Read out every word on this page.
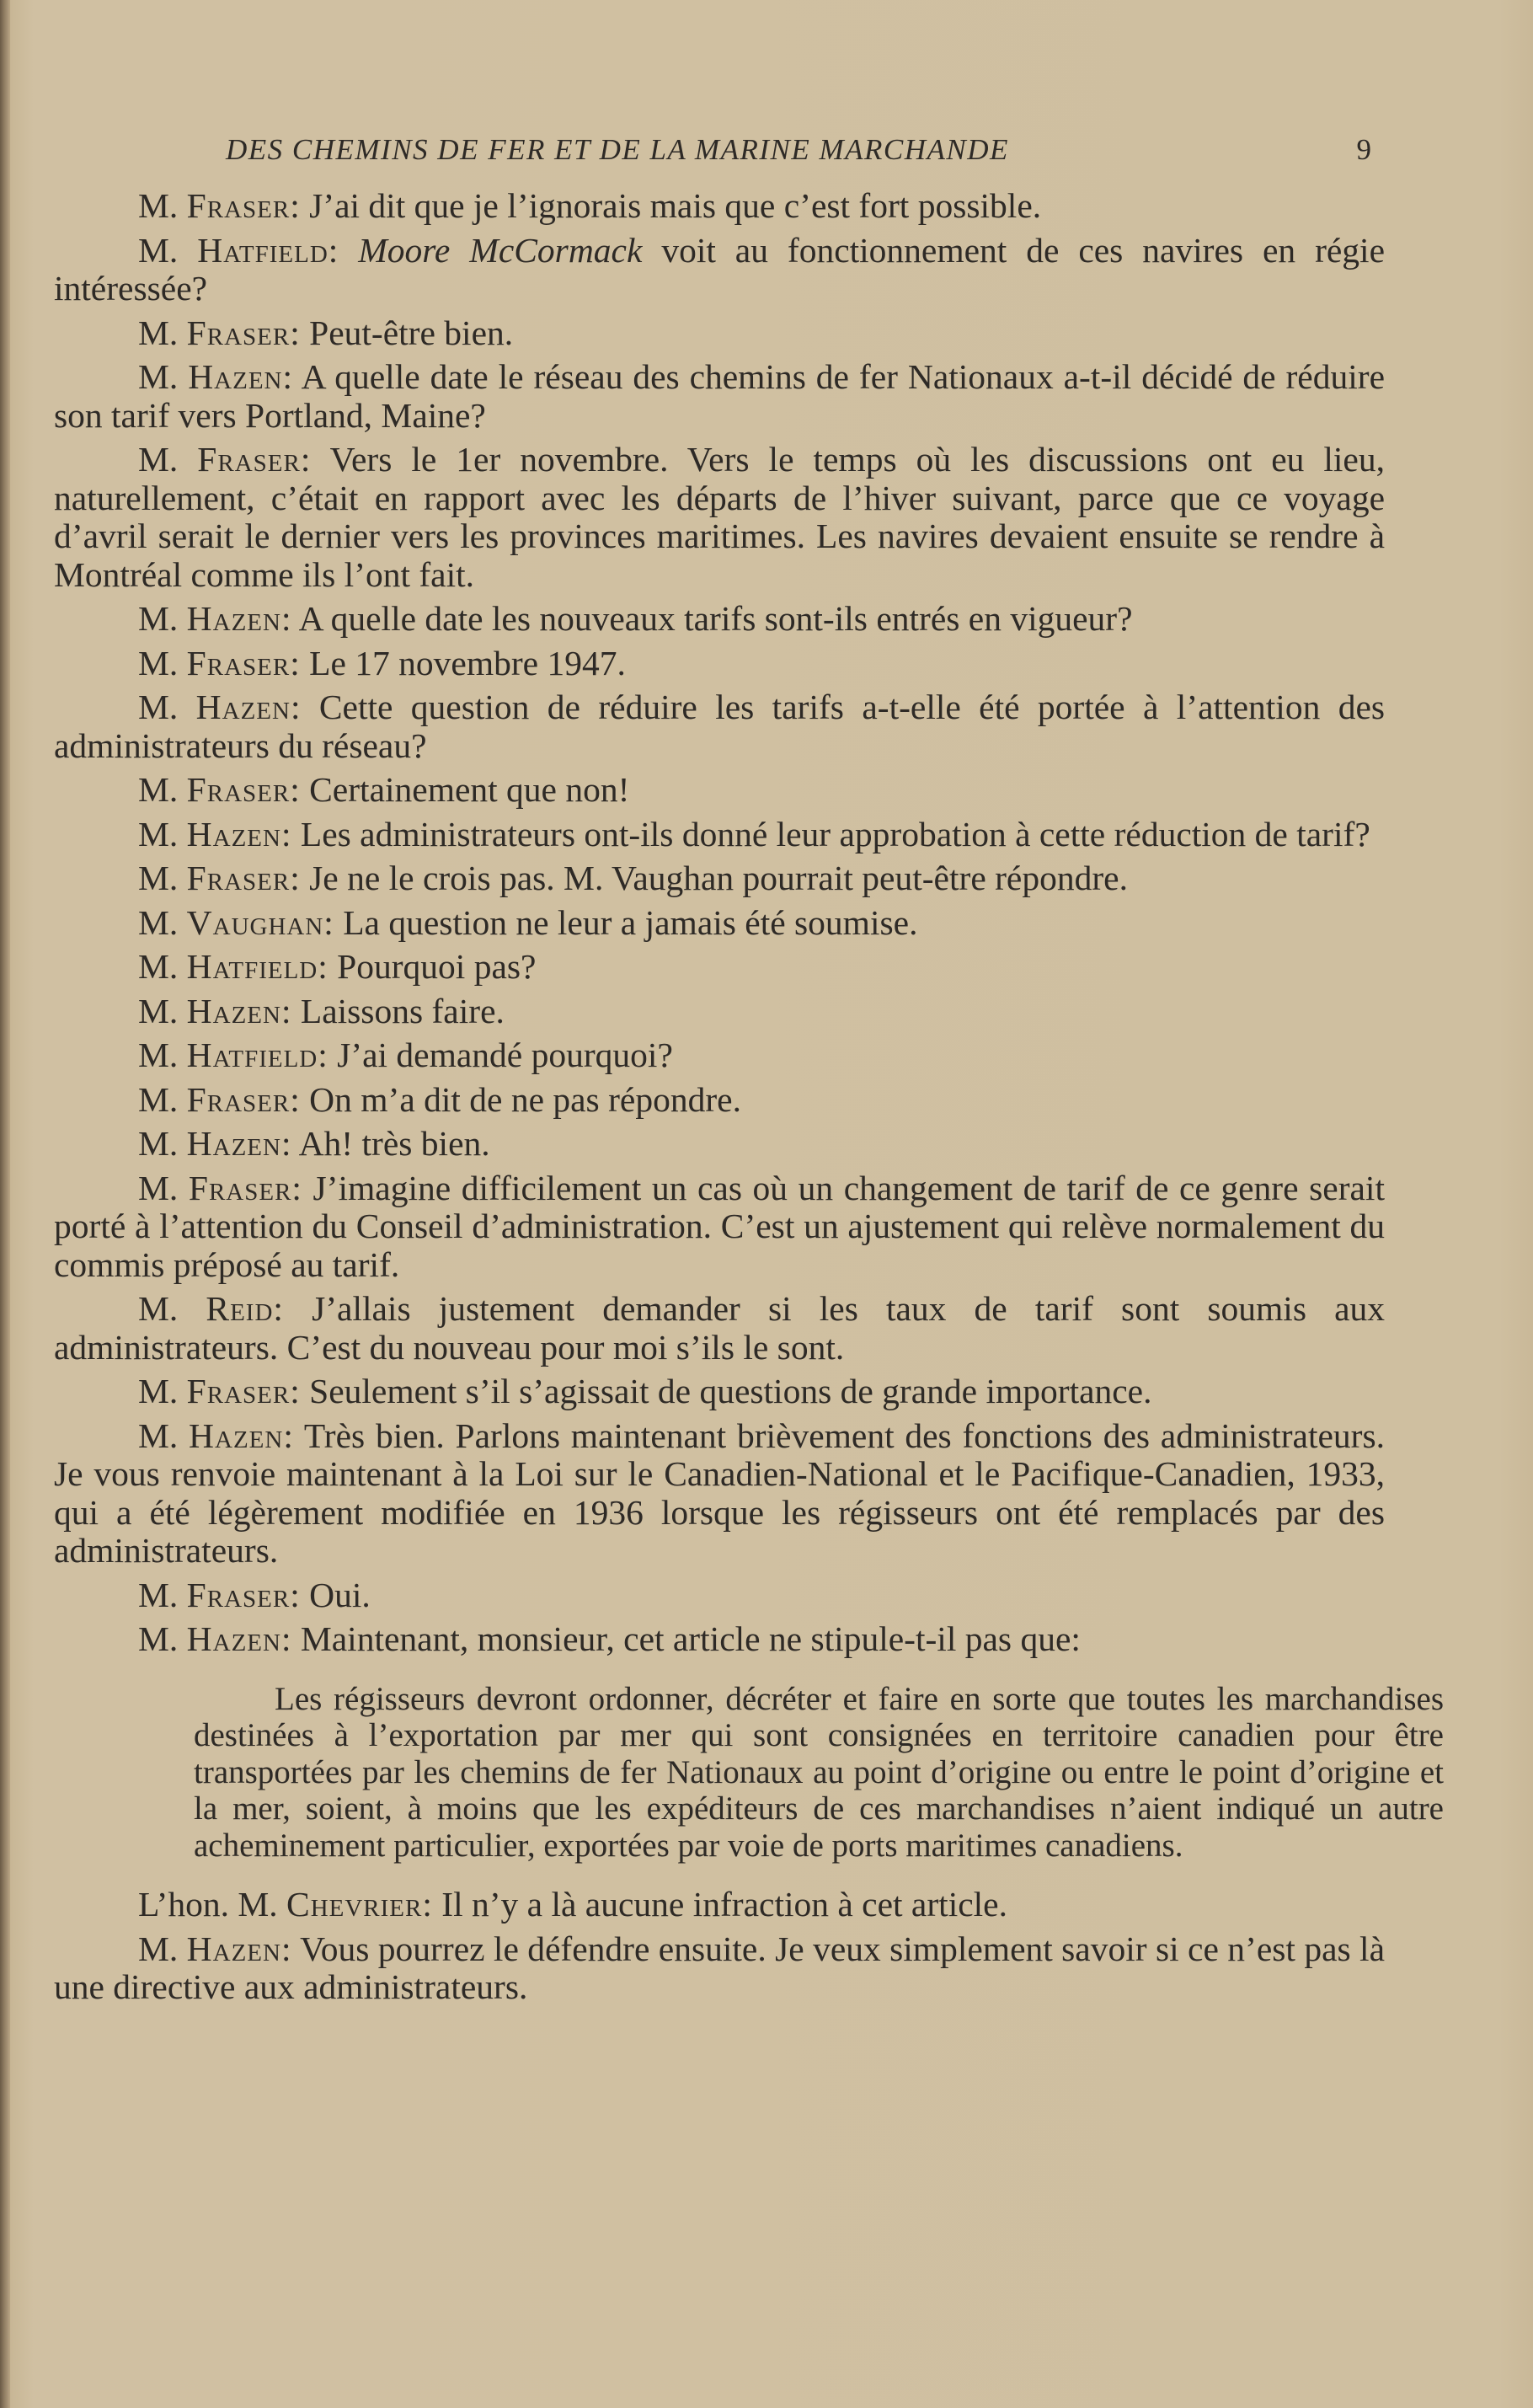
DES CHEMINS DE FER ET DE LA MARINE MARCHANDE	9

M. Fraser: J’ai dit que je l’ignorais mais que c’est fort possible.

M. Hatfield: Moore McCormack voit au fonctionnement de ces navires en régie intéressée?

M. Fraser: Peut-être bien.

M. Hazen: A quelle date le réseau des chemins de fer Nationaux a-t-il décidé de réduire son tarif vers Portland, Maine?

M. Fraser: Vers le 1er novembre. Vers le temps où les discussions ont eu lieu, naturellement, c’était en rapport avec les départs de l’hiver suivant, parce que ce voyage d’avril serait le dernier vers les provinces maritimes. Les navires devaient ensuite se rendre à Montréal comme ils l’ont fait.

M. Hazen: A quelle date les nouveaux tarifs sont-ils entrés en vigueur?

M. Fraser: Le 17 novembre 1947.

M. Hazen: Cette question de réduire les tarifs a-t-elle été portée à l’attention des administrateurs du réseau?

M. Fraser: Certainement que non!

M. Hazen: Les administrateurs ont-ils donné leur approbation à cette réduction de tarif?

M. Fraser: Je ne le crois pas. M. Vaughan pourrait peut-être répondre.

M. Vaughan: La question ne leur a jamais été soumise.

M. Hatfield: Pourquoi pas?

M. Hazen: Laissons faire.

M. Hatfield: J’ai demandé pourquoi?

M. Fraser: On m’a dit de ne pas répondre.

M. Hazen: Ah! très bien.

M. Fraser: J’imagine difficilement un cas où un changement de tarif de ce genre serait porté à l’attention du Conseil d’administration. C’est un ajustement qui relève normalement du commis préposé au tarif.

M. Reid: J’allais justement demander si les taux de tarif sont soumis aux administrateurs. C’est du nouveau pour moi s’ils le sont.

M. Fraser: Seulement s’il s’agissait de questions de grande importance.

M. Hazen: Très bien. Parlons maintenant brièvement des fonctions des administrateurs. Je vous renvoie maintenant à la Loi sur le Canadien-National et le Pacifique-Canadien, 1933, qui a été légèrement modifiée en 1936 lorsque les régisseurs ont été remplacés par des administrateurs.

M. Fraser: Oui.

M. Hazen: Maintenant, monsieur, cet article ne stipule-t-il pas que:

Les régisseurs devront ordonner, décréter et faire en sorte que toutes les marchandises destinées à l’exportation par mer qui sont consignées en territoire canadien pour être transportées par les chemins de fer Nationaux au point d’origine ou entre le point d’origine et la mer, soient, à moins que les expéditeurs de ces marchandises n’aient indiqué un autre acheminement particulier, exportées par voie de ports maritimes canadiens.

L’hon. M. Chevrier: Il n’y a là aucune infraction à cet article.

M. Hazen: Vous pourrez le défendre ensuite. Je veux simplement savoir si ce n’est pas là une directive aux administrateurs.
